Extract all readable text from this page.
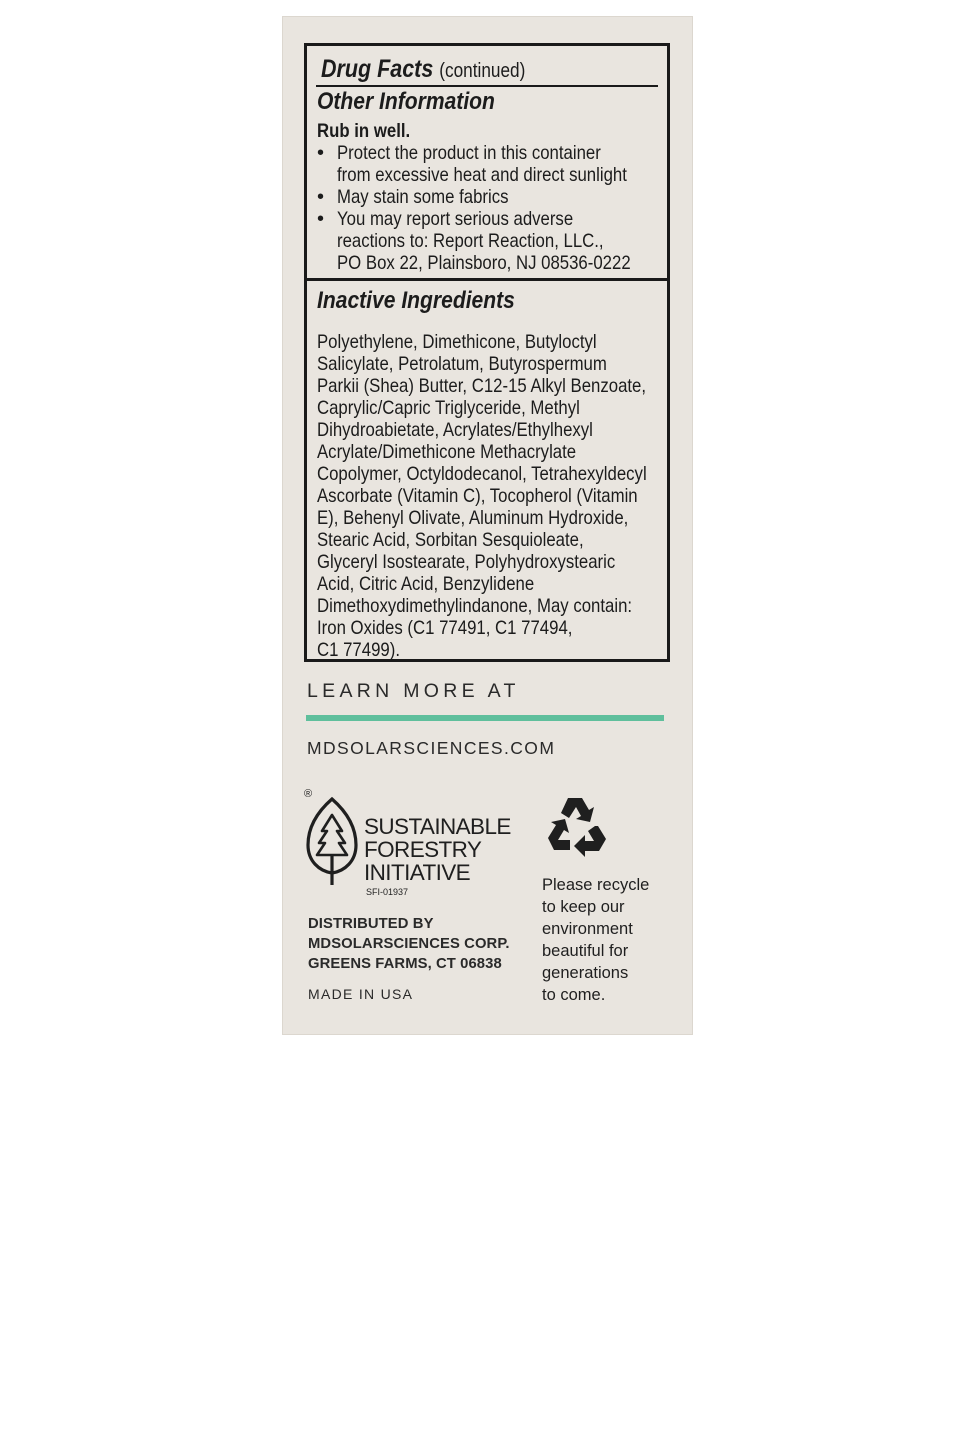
Drug Facts (continued)
Other Information
Rub in well.
• Protect the product in this container
from excessive heat and direct sunlight
• May stain some fabrics
• You may report serious adverse
reactions to: Report Reaction, LLC.,
PO Box 22, Plainsboro, NJ 08536-0222
Inactive Ingredients
Polyethylene, Dimethicone, Butyloctyl
Salicylate, Petrolatum, Butyrospermum
Parkii (Shea) Butter, C12-15 Alkyl Benzoate,
Caprylic/Capric Triglyceride, Methyl
Dihydroabietate, Acrylates/Ethylhexyl
Acrylate/Dimethicone Methacrylate
Copolymer, Octyldodecanol, Tetrahexyldecyl
Ascorbate (Vitamin C), Tocopherol (Vitamin
E), Behenyl Olivate, Aluminum Hydroxide,
Stearic Acid, Sorbitan Sesquioleate,
Glyceryl Isostearate, Polyhydroxystearic
Acid, Citric Acid, Benzylidene
Dimethoxydimethylindanone, May contain:
Iron Oxides (C1 77491, C1 77494,
C1 77499).
LEARN MORE AT
MDSOLARSCIENCES.COM
®
SUSTAINABLE
FORESTRY
INITIATIVE
SFI-01937
DISTRIBUTED BY
MDSOLARSCIENCES CORP.
GREENS FARMS, CT 06838
MADE IN USA
Please recycle
to keep our
environment
beautiful for
generations
to come.
